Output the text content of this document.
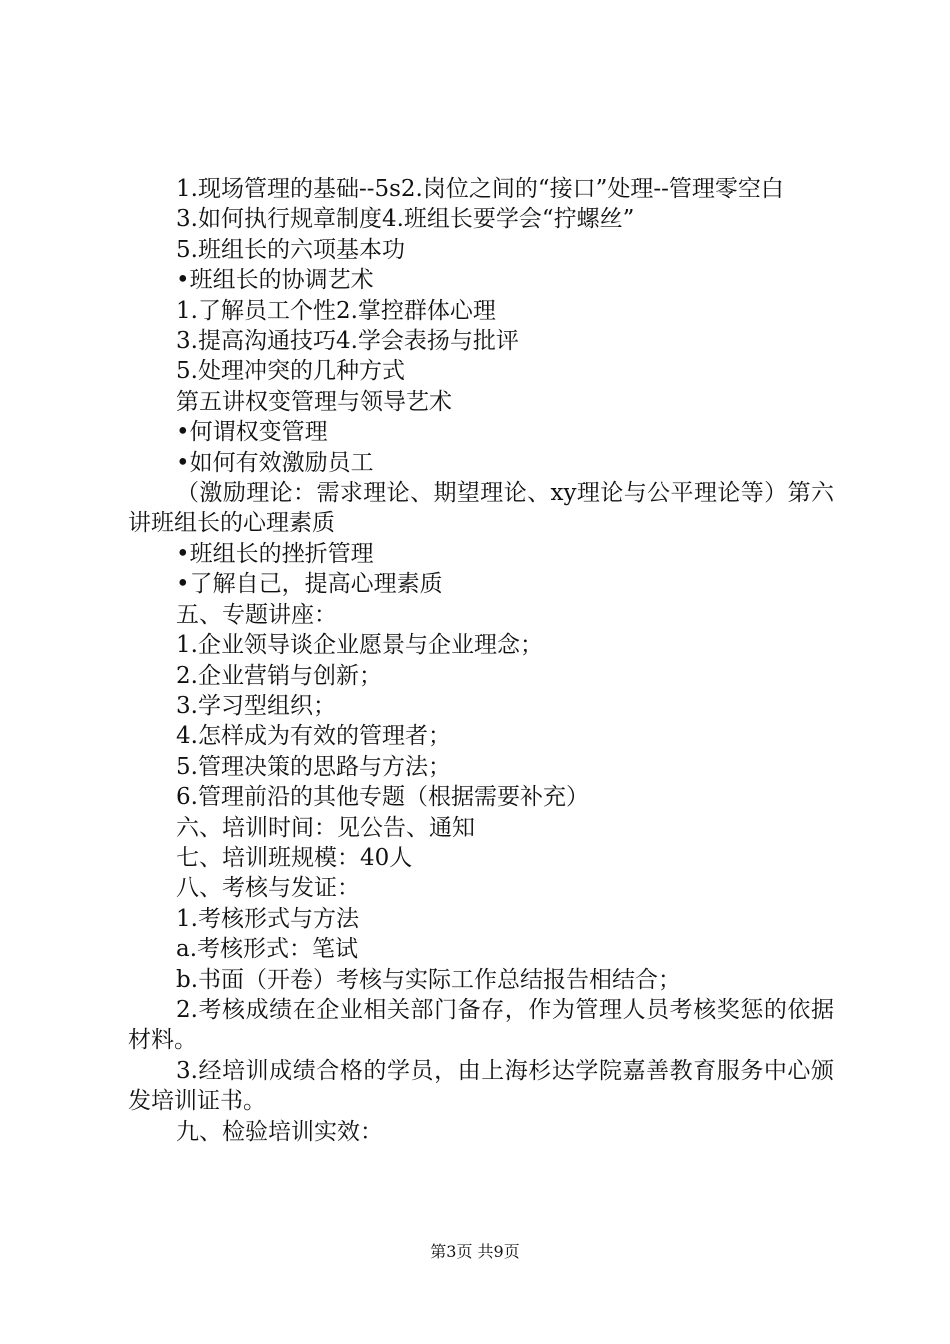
1.现场管理的基础--5s2.岗位之间的“接口”处理--管理零空白

3.如何执行规章制度4.班组长要学会“拧螺丝”

5.班组长的六项基本功

•班组长的协调艺术

1.了解员工个性2.掌控群体心理

3.提高沟通技巧4.学会表扬与批评

5.处理冲突的几种方式

第五讲权变管理与领导艺术

•何谓权变管理

•如何有效激励员工

（激励理论：需求理论、期望理论、xy理论与公平理论等）第六讲班组长的心理素质

•班组长的挫折管理

•了解自己，提高心理素质

五、专题讲座：

1.企业领导谈企业愿景与企业理念；

2.企业营销与创新；

3.学习型组织；

4.怎样成为有效的管理者；

5.管理决策的思路与方法；

6.管理前沿的其他专题（根据需要补充）

六、培训时间：见公告、通知

七、培训班规模：40人

八、考核与发证：

1.考核形式与方法

a.考核形式：笔试

b.书面（开卷）考核与实际工作总结报告相结合；

2.考核成绩在企业相关部门备存，作为管理人员考核奖惩的依据材料。

3.经培训成绩合格的学员，由上海杉达学院嘉善教育服务中心颁发培训证书。

九、检验培训实效：

第3页 共9页
